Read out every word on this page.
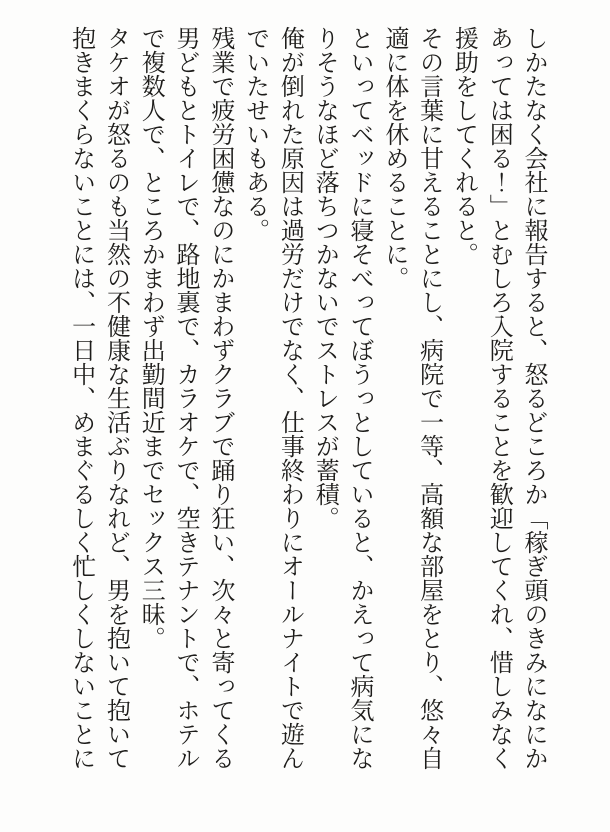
しかたなく会社に報告すると、怒るどころか「稼ぎ頭のきみになにかあっては困る！」とむしろ入院することを歓迎してくれ、惜しみなく援助をしてくれると。

その言葉に甘えることにし、病院で一等、高額な部屋をとり、悠々自適に体を休めることに。

といってベッドに寝そべってぼうっとしていると、かえって病気になりそうなほど落ちつかないでストレスが蓄積。

俺が倒れた原因は過労だけでなく、仕事終わりにオールナイトで遊んでいたせいもある。

残業で疲労困憊なのにかまわずクラブで踊り狂い、次々と寄ってくる男どもとトイレで、路地裏で、カラオケで、空きテナントで、ホテルで複数人で、ところかまわず出勤間近までセックス三昧。

タケオが怒るのも当然の不健康な生活ぶりなれど、男を抱いて抱いて抱きまくらないことには、一日中、めまぐるしく忙しくしないことに
